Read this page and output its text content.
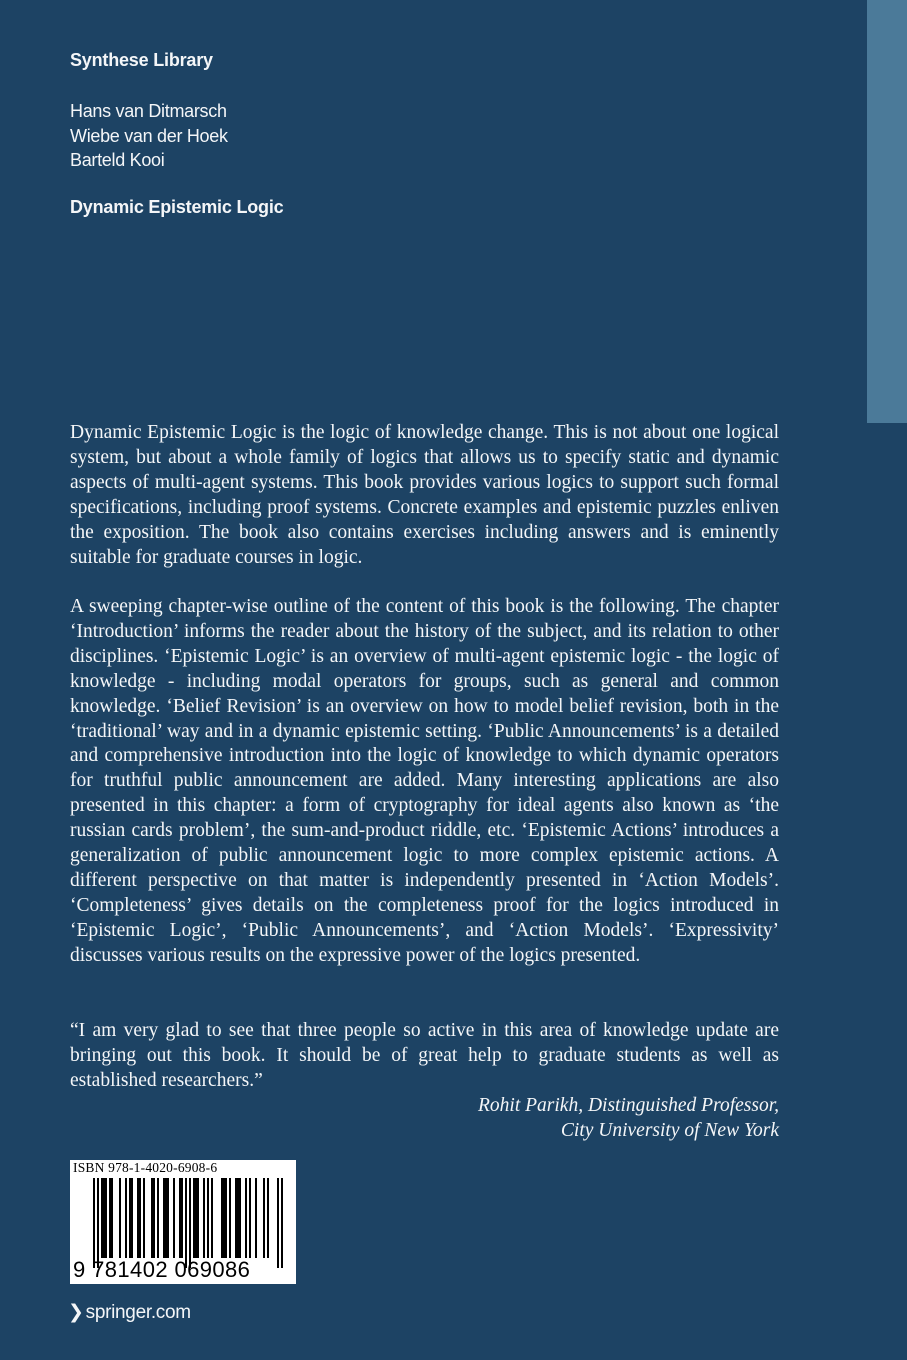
Synthese Library
Hans van Ditmarsch
Wiebe van der Hoek
Barteld Kooi
Dynamic Epistemic Logic

Dynamic Epistemic Logic is the logic of knowledge change. This is not about one logical system, but about a whole family of logics that allows us to specify static and dynamic aspects of multi-agent systems. This book provides various logics to support such formal specifications, including proof systems. Concrete examples and epistemic puzzles enliven the exposition. The book also contains exercises including answers and is eminently suitable for graduate courses in logic.

A sweeping chapter-wise outline of the content of this book is the following. The chapter ‘Introduction’ informs the reader about the history of the subject, and its relation to other disciplines. ‘Epistemic Logic’ is an overview of multi-agent epistemic logic - the logic of knowledge - including modal operators for groups, such as general and common knowledge. ‘Belief Revision’ is an overview on how to model belief revision, both in the ‘traditional’ way and in a dynamic epistemic setting. ‘Public Announcements’ is a detailed and comprehensive introduction into the logic of knowledge to which dynamic operators for truthful public announcement are added. Many interesting applications are also presented in this chapter: a form of cryptography for ideal agents also known as ‘the russian cards problem’, the sum-and-product riddle, etc. ‘Epistemic Actions’ introduces a generalization of public announcement logic to more complex epistemic actions. A different perspective on that matter is independently presented in ‘Action Models’. ‘Completeness’ gives details on the completeness proof for the logics introduced in ‘Epistemic Logic’, ‘Public Announcements’, and ‘Action Models’. ‘Expressivity’ discusses various results on the expressive power of the logics presented.

“I am very glad to see that three people so active in this area of knowledge update are bringing out this book. It should be of great help to graduate students as well as established researchers.”

Rohit Parikh, Distinguished Professor,
City University of New York
ISBN 978-1-4020-6908-6
9 781402 069086
❯ springer.com
